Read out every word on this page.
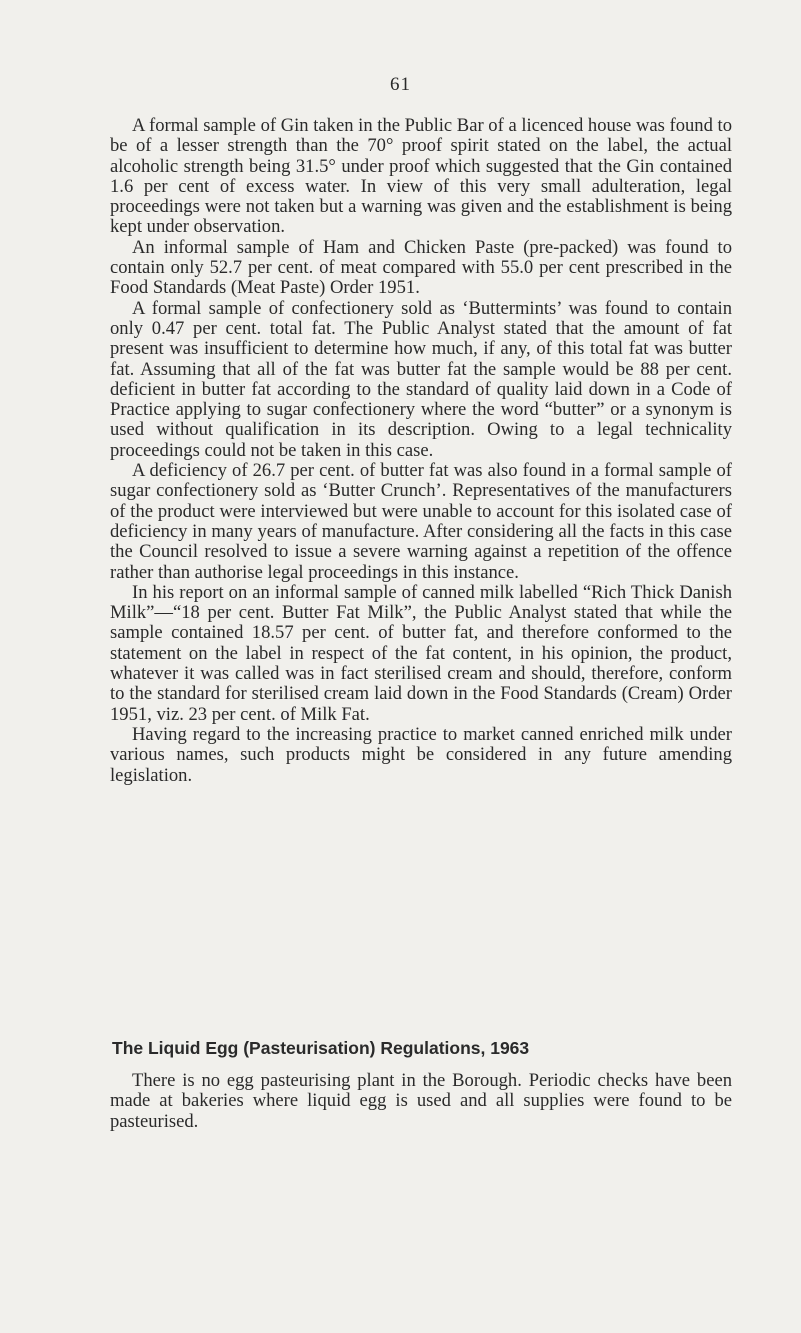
61

A formal sample of Gin taken in the Public Bar of a licenced house was found to be of a lesser strength than the 70° proof spirit stated on the label, the actual alcoholic strength being 31.5° under proof which suggested that the Gin contained 1.6 per cent of excess water. In view of this very small adulteration, legal proceedings were not taken but a warning was given and the establishment is being kept under observation.

An informal sample of Ham and Chicken Paste (pre-packed) was found to contain only 52.7 per cent. of meat compared with 55.0 per cent prescribed in the Food Standards (Meat Paste) Order 1951.

A formal sample of confectionery sold as ‘Buttermints’ was found to contain only 0.47 per cent. total fat. The Public Analyst stated that the amount of fat present was insufficient to determine how much, if any, of this total fat was butter fat. Assuming that all of the fat was butter fat the sample would be 88 per cent. deficient in butter fat according to the standard of quality laid down in a Code of Practice applying to sugar confectionery where the word “butter” or a synonym is used without qualification in its description. Owing to a legal technicality proceedings could not be taken in this case.

A deficiency of 26.7 per cent. of butter fat was also found in a formal sample of sugar confectionery sold as ‘Butter Crunch’. Representatives of the manufacturers of the product were interviewed but were unable to account for this isolated case of deficiency in many years of manufacture. After considering all the facts in this case the Council resolved to issue a severe warning against a repetition of the offence rather than authorise legal proceedings in this instance.

In his report on an informal sample of canned milk labelled “Rich Thick Danish Milk”—“18 per cent. Butter Fat Milk”, the Public Analyst stated that while the sample contained 18.57 per cent. of butter fat, and therefore conformed to the statement on the label in respect of the fat content, in his opinion, the product, whatever it was called was in fact sterilised cream and should, therefore, conform to the standard for sterilised cream laid down in the Food Standards (Cream) Order 1951, viz. 23 per cent. of Milk Fat.

Having regard to the increasing practice to market canned enriched milk under various names, such products might be considered in any future amending legislation.

The Liquid Egg (Pasteurisation) Regulations, 1963

There is no egg pasteurising plant in the Borough. Periodic checks have been made at bakeries where liquid egg is used and all supplies were found to be pasteurised.
